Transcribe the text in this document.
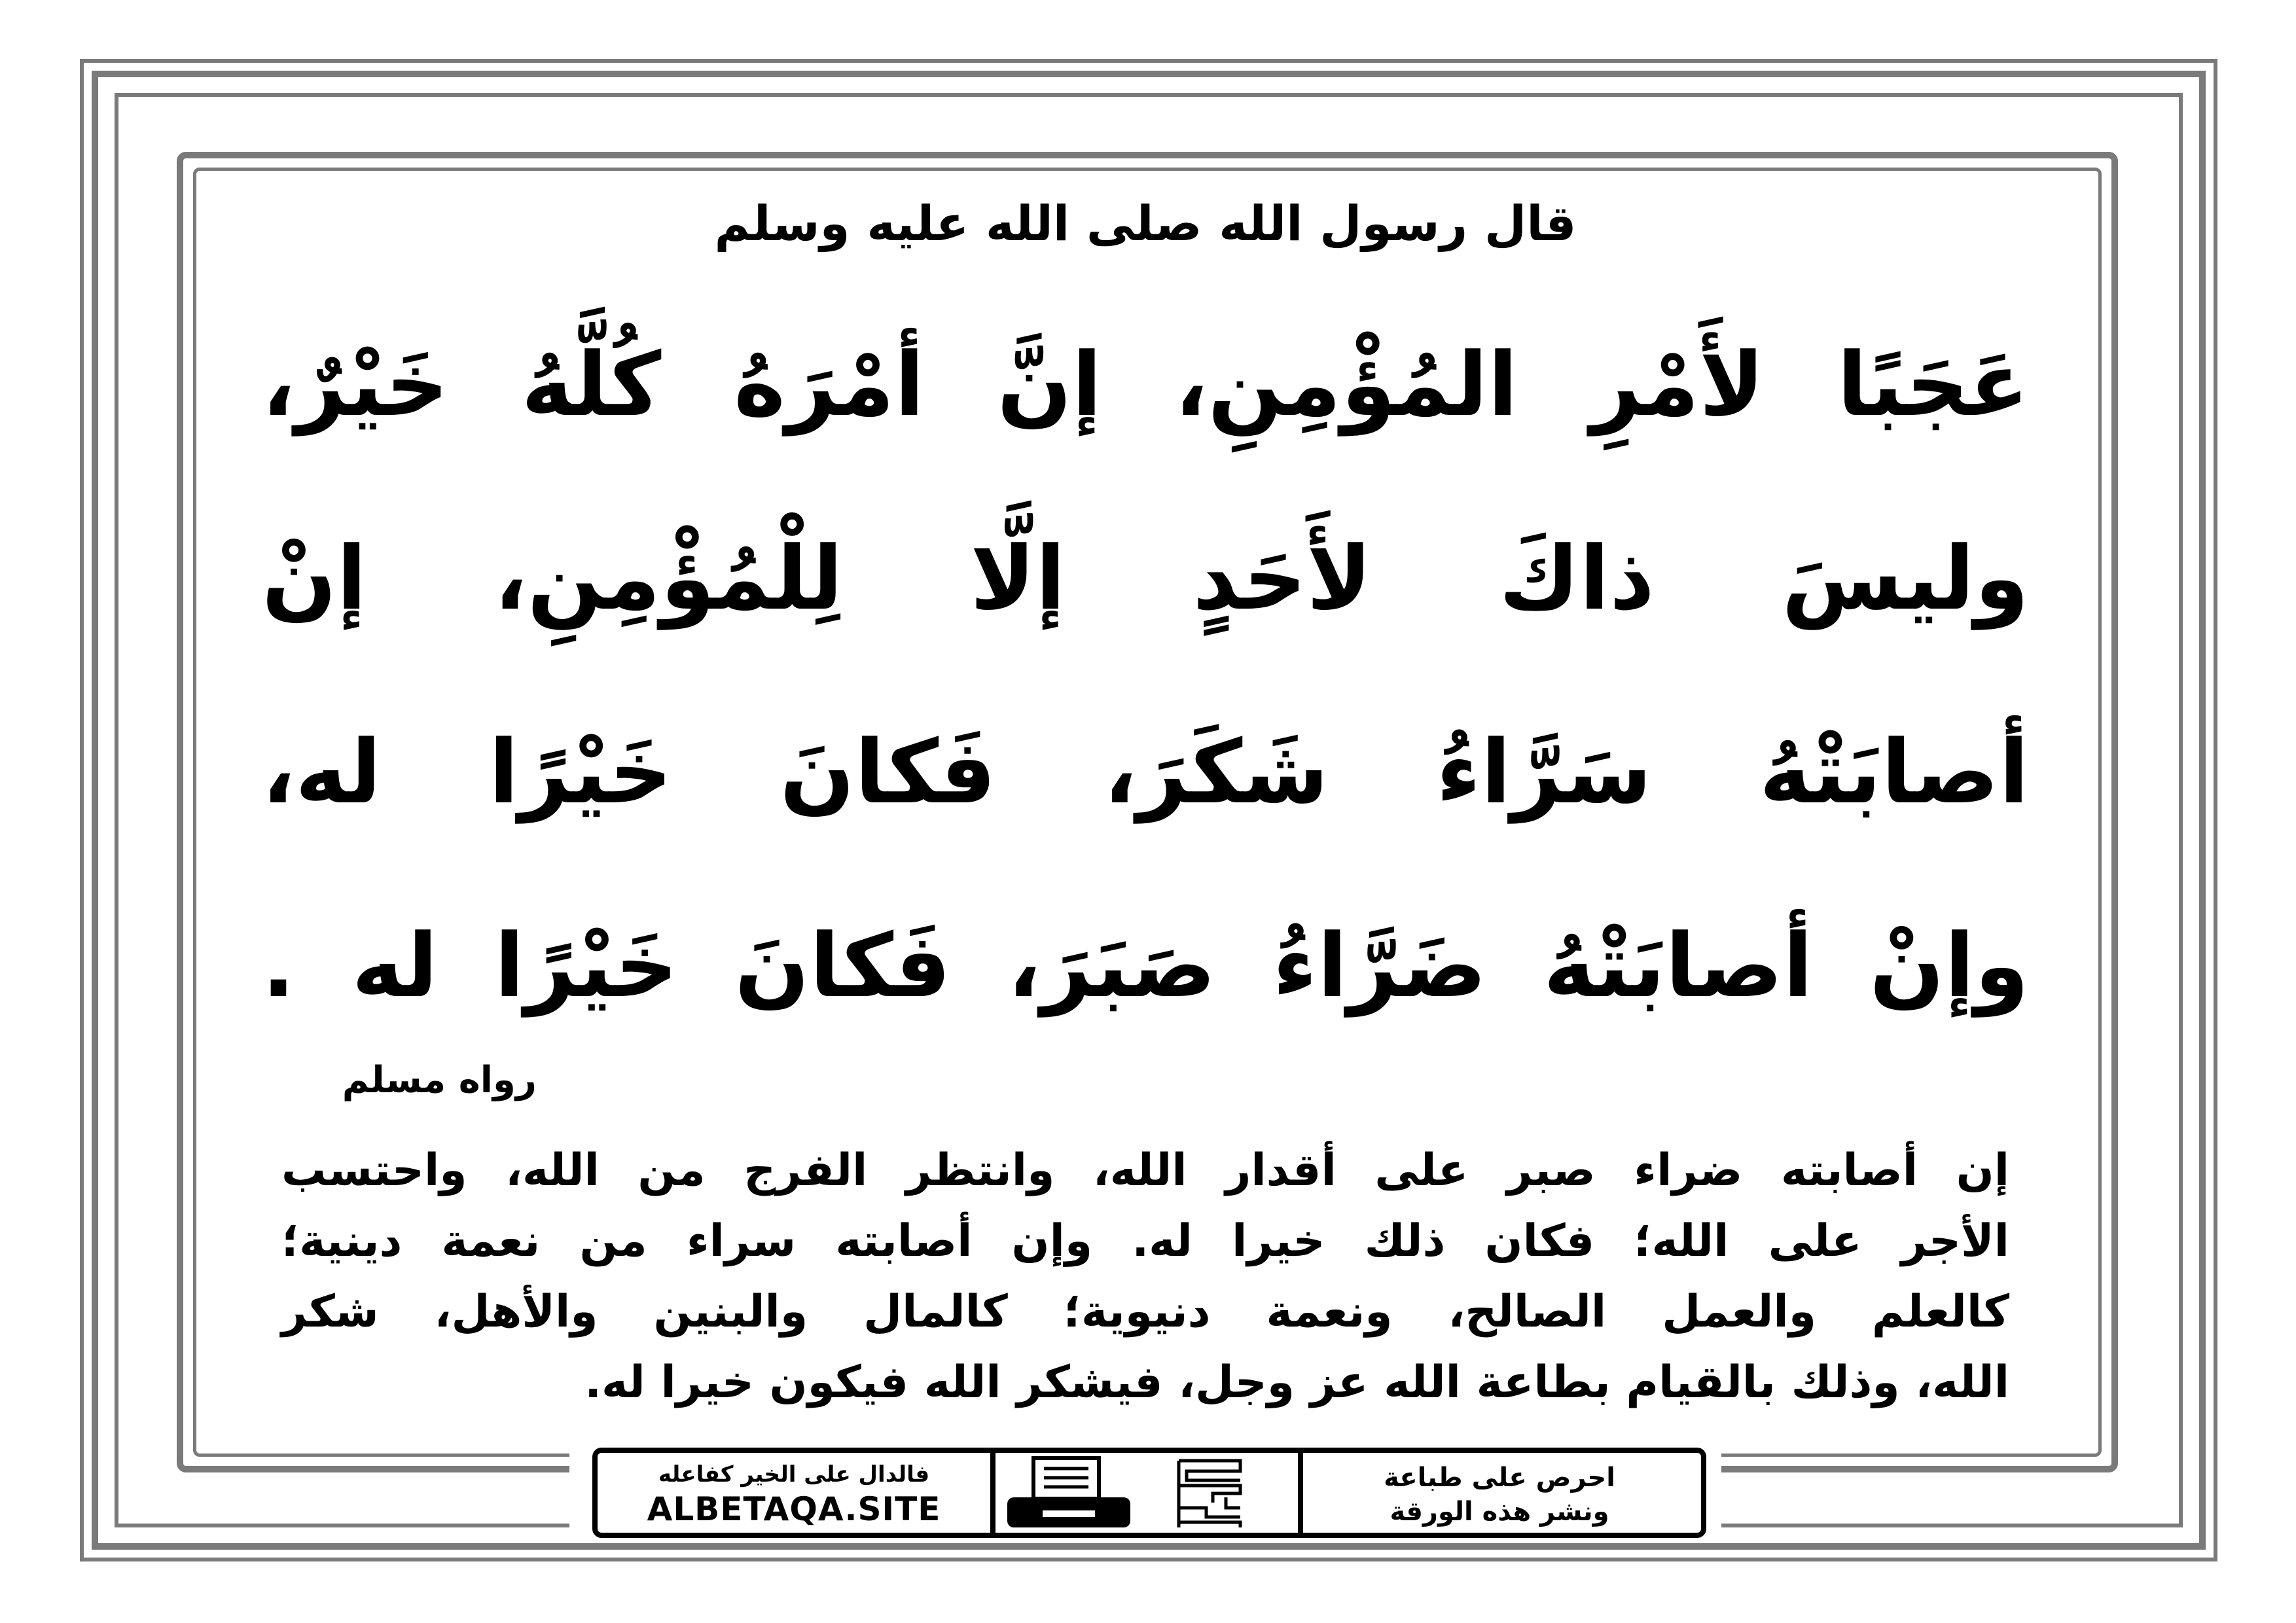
قال رسول الله صلى الله عليه وسلم
عَجَبًا لأَمْرِ المُؤْمِنِ، إنَّ أمْرَهُ كُلَّهُ خَيْرٌ،
وليسَ ذاكَ لأَحَدٍ إلَّا لِلْمُؤْمِنِ، إنْ
أصابَتْهُ سَرَّاءُ شَكَرَ، فَكانَ خَيْرًا له،
وإنْ أصابَتْهُ ضَرَّاءُ صَبَرَ، فَكانَ خَيْرًا له .
رواه مسلم
إن أصابته ضراء صبر على أقدار الله، وانتظر الفرج من الله، واحتسب
الأجر على الله؛ فكان ذلك خيرا له. وإن أصابته سراء من نعمة دينية؛
كالعلم والعمل الصالح، ونعمة دنيوية؛ كالمال والبنين والأهل، شكر
الله، وذلك بالقيام بطاعة الله عز وجل، فيشكر الله فيكون خيرا له.
فالدال على الخير كفاعله
ALBETAQA.SITE
احرص على طباعة
ونشر هذه الورقة
